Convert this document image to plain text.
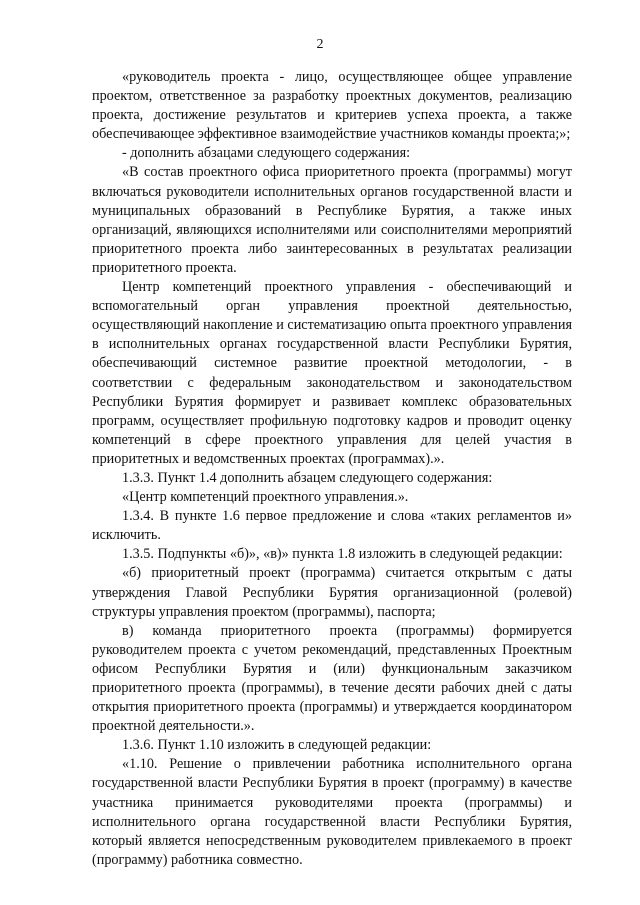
2

«руководитель проекта - лицо, осуществляющее общее управление проектом, ответственное за разработку проектных документов, реализацию проекта, достижение результатов и критериев успеха проекта, а также обеспечивающее эффективное взаимодействие участников команды проекта;»;

- дополнить абзацами следующего содержания:

«В состав проектного офиса приоритетного проекта (программы) могут включаться руководители исполнительных органов государственной власти и муниципальных образований в Республике Бурятия, а также иных организаций, являющихся исполнителями или соисполнителями мероприятий приоритетного проекта либо заинтересованных в результатах реализации приоритетного проекта.

Центр компетенций проектного управления - обеспечивающий и вспомогательный орган управления проектной деятельностью, осуществляющий накопление и систематизацию опыта проектного управления в исполнительных органах государственной власти Республики Бурятия, обеспечивающий системное развитие проектной методологии, - в соответствии с федеральным законодательством и законодательством Республики Бурятия формирует и развивает комплекс образовательных программ, осуществляет профильную подготовку кадров и проводит оценку компетенций в сфере проектного управления для целей участия в приоритетных и ведомственных проектах (программах).».

1.3.3. Пункт 1.4 дополнить абзацем следующего содержания:

«Центр компетенций проектного управления.».

1.3.4. В пункте 1.6 первое предложение и слова «таких регламентов и» исключить.

1.3.5. Подпункты «б)», «в)» пункта 1.8 изложить в следующей редакции:

«б) приоритетный проект (программа) считается открытым с даты утверждения Главой Республики Бурятия организационной (ролевой) структуры управления проектом (программы), паспорта;

в) команда приоритетного проекта (программы) формируется руководителем проекта с учетом рекомендаций, представленных Проектным офисом Республики Бурятия и (или) функциональным заказчиком приоритетного проекта (программы), в течение десяти рабочих дней с даты открытия приоритетного проекта (программы) и утверждается координатором проектной деятельности.».

1.3.6. Пункт 1.10 изложить в следующей редакции:

«1.10. Решение о привлечении работника исполнительного органа государственной власти Республики Бурятия в проект (программу) в качестве участника принимается руководителями проекта (программы) и исполнительного органа государственной власти Республики Бурятия, который является непосредственным руководителем привлекаемого в проект (программу) работника совместно.
